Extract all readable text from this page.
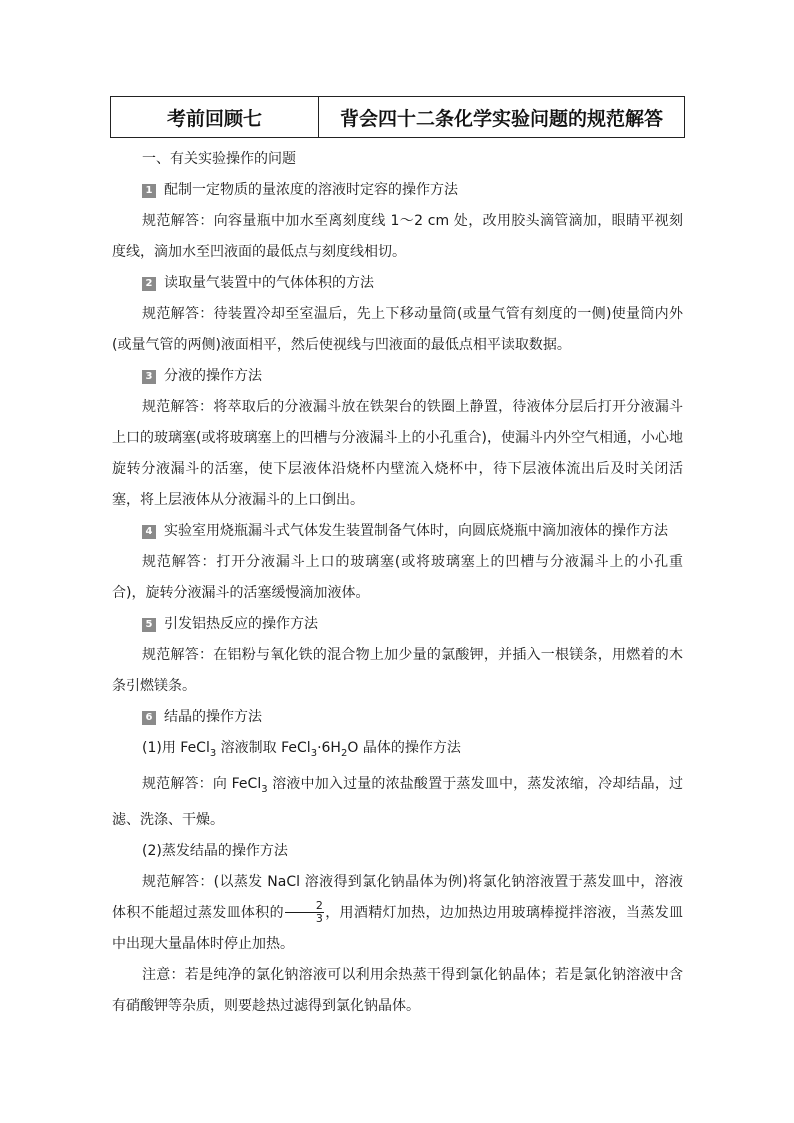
考前回顾七	背会四十二条化学实验问题的规范解答

一、有关实验操作的问题

1 配制一定物质的量浓度的溶液时定容的操作方法

规范解答：向容量瓶中加水至离刻度线 1～2 cm 处，改用胶头滴管滴加，眼睛平视刻度线，滴加水至凹液面的最低点与刻度线相切。

2 读取量气装置中的气体体积的方法

规范解答：待装置冷却至室温后，先上下移动量筒(或量气管有刻度的一侧)使量筒内外(或量气管的两侧)液面相平，然后使视线与凹液面的最低点相平读取数据。

3 分液的操作方法

规范解答：将萃取后的分液漏斗放在铁架台的铁圈上静置，待液体分层后打开分液漏斗上口的玻璃塞(或将玻璃塞上的凹槽与分液漏斗上的小孔重合)，使漏斗内外空气相通，小心地旋转分液漏斗的活塞，使下层液体沿烧杯内壁流入烧杯中，待下层液体流出后及时关闭活塞，将上层液体从分液漏斗的上口倒出。

4 实验室用烧瓶漏斗式气体发生装置制备气体时，向圆底烧瓶中滴加液体的操作方法

规范解答：打开分液漏斗上口的玻璃塞(或将玻璃塞上的凹槽与分液漏斗上的小孔重合)，旋转分液漏斗的活塞缓慢滴加液体。

5 引发铝热反应的操作方法

规范解答：在铝粉与氧化铁的混合物上加少量的氯酸钾，并插入一根镁条，用燃着的木条引燃镁条。

6 结晶的操作方法

(1)用 FeCl$_3$ 溶液制取 $FeCl_3\cdot 6H_2O$ 晶体的操作方法

规范解答：向 FeCl$_3$ 溶液中加入过量的浓盐酸置于蒸发皿中，蒸发浓缩，冷却结晶，过滤、洗涤、干燥。

(2)蒸发结晶的操作方法

规范解答：(以蒸发 NaCl 溶液得到氯化钠晶体为例)将氯化钠溶液置于蒸发皿中，溶液体积不能超过蒸发皿体积的 $\frac{2}{3}$ ，用酒精灯加热，边加热边用玻璃棒搅拌溶液，当蒸发皿中出现大量晶体时停止加热。

注意：若是纯净的氯化钠溶液可以利用余热蒸干得到氯化钠晶体；若是氯化钠溶液中含有硝酸钾等杂质，则要趁热过滤得到氯化钠晶体。
